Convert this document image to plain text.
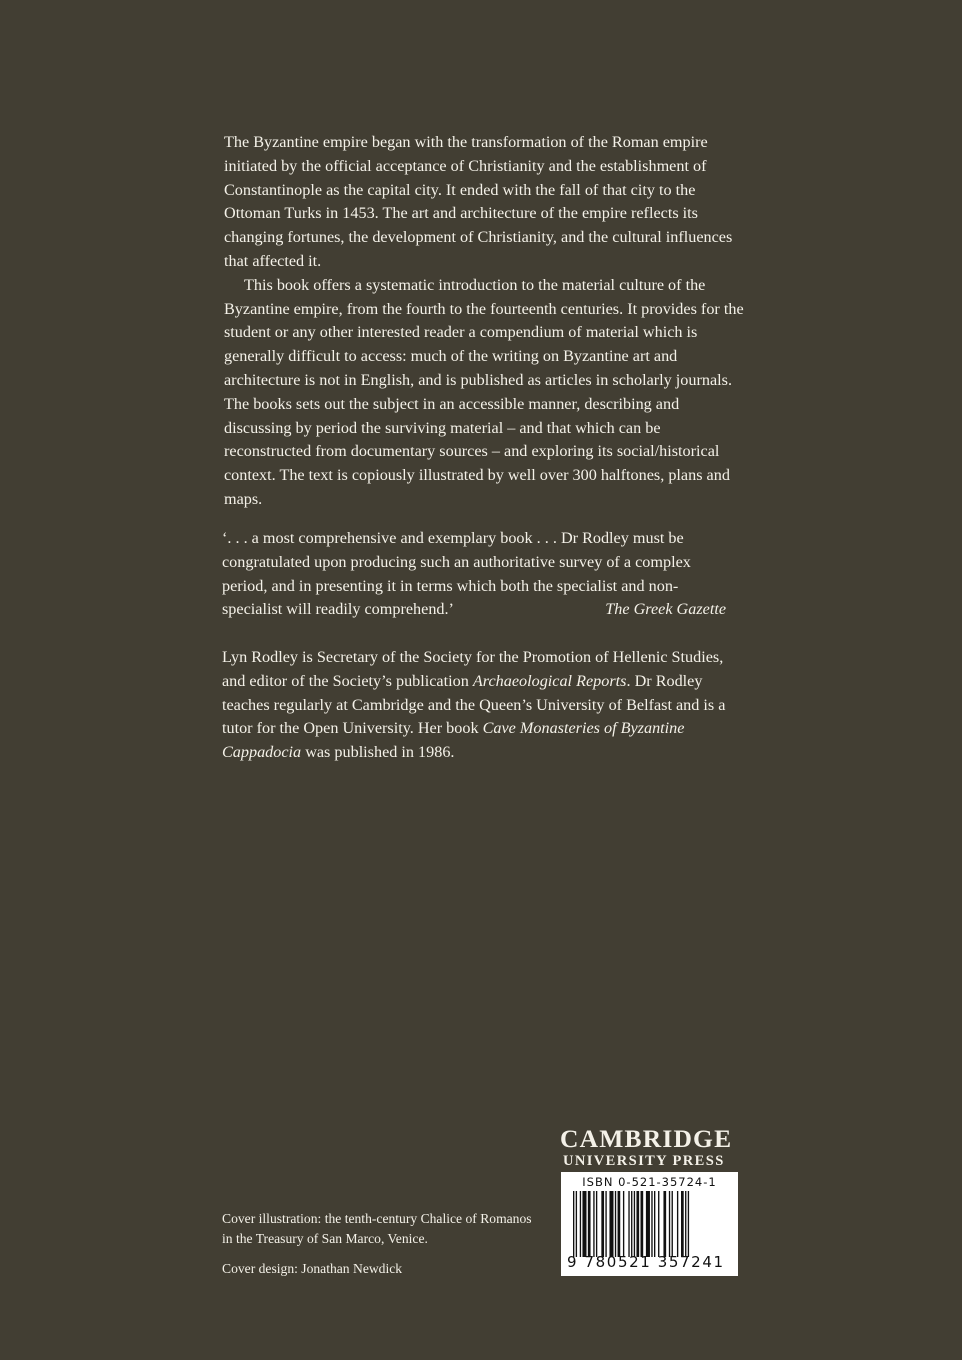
The Byzantine empire began with the transformation of the Roman empire initiated by the official acceptance of Christianity and the establishment of Constantinople as the capital city. It ended with the fall of that city to the Ottoman Turks in 1453. The art and architecture of the empire reflects its changing fortunes, the development of Christianity, and the cultural influences that affected it.

This book offers a systematic introduction to the material culture of the Byzantine empire, from the fourth to the fourteenth centuries. It provides for the student or any other interested reader a compendium of material which is generally difficult to access: much of the writing on Byzantine art and architecture is not in English, and is published as articles in scholarly journals. The books sets out the subject in an accessible manner, describing and discussing by period the surviving material – and that which can be reconstructed from documentary sources – and exploring its social/historical context. The text is copiously illustrated by well over 300 halftones, plans and maps.

‘. . . a most comprehensive and exemplary book . . . Dr Rodley must be congratulated upon producing such an authoritative survey of a complex period, and in presenting it in terms which both the specialist and non-specialist will readily comprehend.’	The Greek Gazette
Lyn Rodley is Secretary of the Society for the Promotion of Hellenic Studies, and editor of the Society’s publication Archaeological Reports. Dr Rodley teaches regularly at Cambridge and the Queen’s University of Belfast and is a tutor for the Open University. Her book Cave Monasteries of Byzantine Cappadocia was published in 1986.

Cover illustration: the tenth-century Chalice of Romanos in the Treasury of San Marco, Venice.

Cover design: Jonathan Newdick

CAMBRIDGE
UNIVERSITY PRESS
ISBN 0-521-35724-1
9 780521 357241
